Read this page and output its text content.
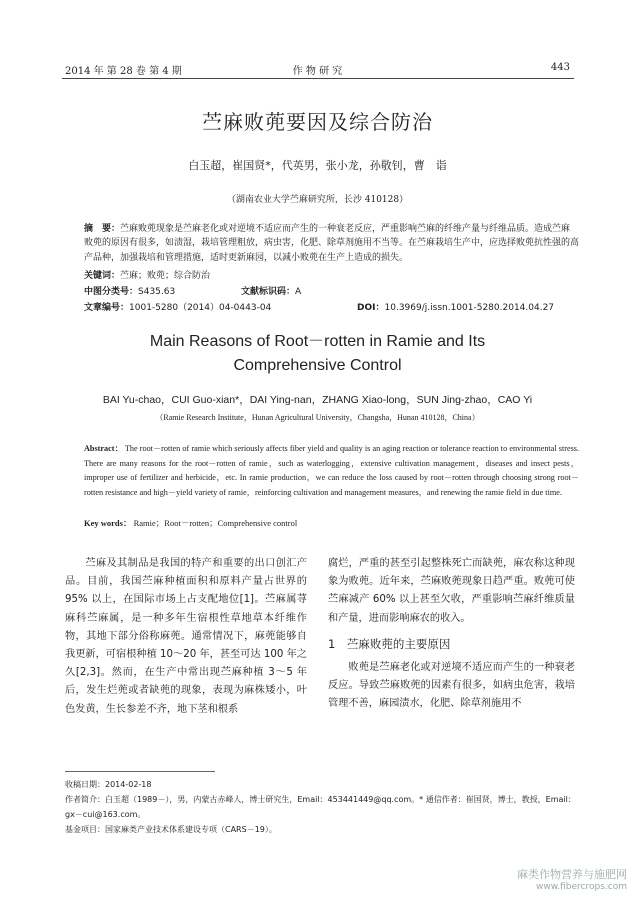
2014 年 第 28 卷 第 4 期	作 物 研 究	443
苎麻败蔸要因及综合防治
白玉超，崔国贤*，代英男，张小龙，孙敬钊，曹　诣
（湖南农业大学苎麻研究所，长沙 410128）
摘　要：苎麻败蔸现象是苎麻老化或对逆境不适应而产生的一种衰老反应，严重影响苎麻的纤维产量与纤维品质。造成苎麻败蔸的原因有很多，如渍湿，栽培管理粗放，病虫害，化肥、除草剂施用不当等。在苎麻栽培生产中，应选择败蔸抗性强的高产品种，加强栽培和管理措施，适时更新麻园，以减小败蔸在生产上造成的损失。
关键词：苎麻；败蔸；综合防治
中图分类号：S435.63	文献标识码：A
文章编号：1001-5280（2014）04-0443-04	DOI：10.3969/j.issn.1001-5280.2014.04.27
Main Reasons of Root－rotten in Ramie and Its
Comprehensive Control
BAI Yu-chao，CUI Guo-xian*，DAI Ying-nan，ZHANG Xiao-long，SUN Jing-zhao，CAO Yi
（Ramie Research Institute，Hunan Agricultural University，Changsha，Hunan 410128，China）
Abstract： The root－rotten of ramie which seriously affects fiber yield and quality is an aging reaction or tolerance reaction to environmental stress. There are many reasons for the root－rotten of ramie，such as waterlogging，extensive cultivation management，diseases and insect pests，improper use of fertilizer and herbicide，etc. In ramie production，we can reduce the loss caused by root－rotten through choosing strong root－rotten resistance and high－yield variety of ramie，reinforcing cultivation and management measures，and renewing the ramie field in due time.
Key words： Ramie；Root－rotten；Comprehensive control

苎麻及其制品是我国的特产和重要的出口创汇产品。目前，我国苎麻种植面积和原料产量占世界的 95% 以上，在国际市场上占支配地位[1]。苎麻属荨麻科苎麻属，是一种多年生宿根性草地草本纤维作物，其地下部分俗称麻蔸。通常情况下，麻蔸能够自我更新，可宿根种植 10～20 年，甚至可达 100 年之久[2,3]。然而，在生产中常出现苎麻种植 3～5 年后，发生烂蔸或者缺蔸的现象，表现为麻株矮小，叶色发黄，生长参差不齐，地下茎和根系

腐烂，严重的甚至引起整株死亡而缺蔸，麻农称这种现象为败蔸。近年来，苎麻败蔸现象日趋严重。败蔸可使苎麻减产 60% 以上甚至欠收，严重影响苎麻纤维质量和产量，进而影响麻农的收入。

1　苎麻败蔸的主要原因

败蔸是苎麻老化或对逆境不适应而产生的一种衰老反应。导致苎麻败蔸的因素有很多，如病虫危害，栽培管理不善，麻园渍水，化肥、除草剂施用不

收稿日期：2014-02-18
作者简介：白玉超（1989－），男，内蒙古赤峰人，博士研究生，Email：453441449@qq.com。* 通信作者：崔国贤，博士，教授，Email：gx－cui@163.com。
基金项目：国家麻类产业技术体系建设专项（CARS－19）。
麻类作物营养与施肥网
www.fibercrops.com
